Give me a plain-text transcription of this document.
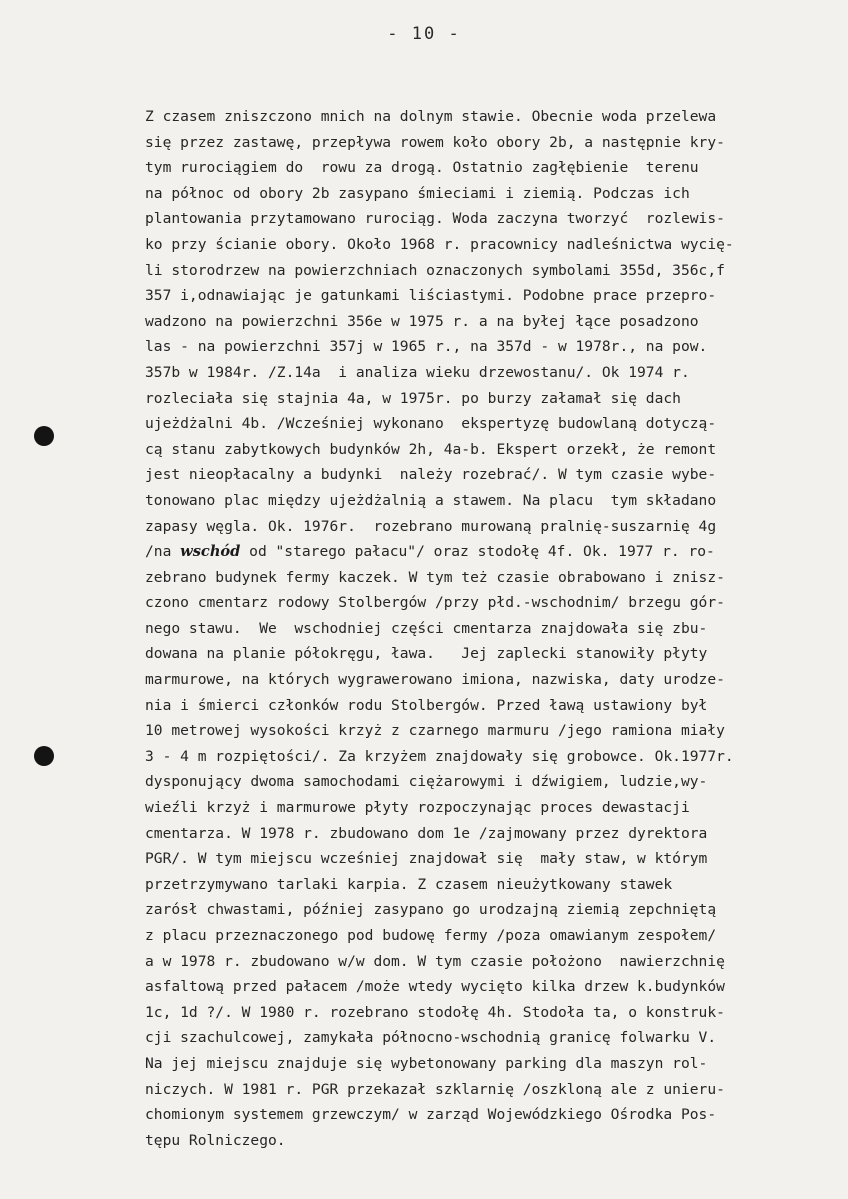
- 10 -
Z czasem zniszczono mnich na dolnym stawie. Obecnie woda przelewa
się przez zastawę, przepływa rowem koło obory 2b, a następnie kry-
tym rurociągiem do  rowu za drogą. Ostatnio zagłębienie  terenu
na północ od obory 2b zasypano śmieciami i ziemią. Podczas ich
plantowania przytamowano rurociąg. Woda zaczyna tworzyć  rozlewis-
ko przy ścianie obory. Około 1968 r. pracownicy nadleśnictwa wycię-
li storodrzew na powierzchniach oznaczonych symbolami 355d, 356c,f
357 i,odnawiając je gatunkami liściastymi. Podobne prace przepro-
wadzono na powierzchni 356e w 1975 r. a na byłej łące posadzono
las - na powierzchni 357j w 1965 r., na 357d - w 1978r., na pow.
357b w 1984r. /Z.14a  i analiza wieku drzewostanu/. Ok 1974 r.
rozleciała się stajnia 4a, w 1975r. po burzy załamał się dach
ujeżdżalni 4b. /Wcześniej wykonano  ekspertyzę budowlaną dotyczą-
cą stanu zabytkowych budynków 2h, 4a-b. Ekspert orzekł, że remont
jest nieopłacalny a budynki  należy rozebrać/. W tym czasie wybe-
tonowano plac między ujeżdżalnią a stawem. Na placu  tym składano
zapasy węgla. Ok. 1976r.  rozebrano murowaną pralnię-suszarnię 4g
/na wschód od "starego pałacu"/ oraz stodołę 4f. Ok. 1977 r. ro-
zebrano budynek fermy kaczek. W tym też czasie obrabowano i znisz-
czono cmentarz rodowy Stolbergów /przy płd.-wschodnim/ brzegu gór-
nego stawu.  We  wschodniej części cmentarza znajdowała się zbu-
dowana na planie półokręgu, ława.   Jej zaplecki stanowiły płyty
marmurowe, na których wygrawerowano imiona, nazwiska, daty urodze-
nia i śmierci członków rodu Stolbergów. Przed ławą ustawiony był
10 metrowej wysokości krzyż z czarnego marmuru /jego ramiona miały
3 - 4 m rozpiętości/. Za krzyżem znajdowały się grobowce. Ok.1977r.
dysponujący dwoma samochodami ciężarowymi i dźwigiem, ludzie,wy-
wieźli krzyż i marmurowe płyty rozpoczynając proces dewastacji
cmentarza. W 1978 r. zbudowano dom 1e /zajmowany przez dyrektora
PGR/. W tym miejscu wcześniej znajdował się  mały staw, w którym
przetrzymywano tarlaki karpia. Z czasem nieużytkowany stawek
zarósł chwastami, później zasypano go urodzajną ziemią zepchniętą
z placu przeznaczonego pod budowę fermy /poza omawianym zespołem/
a w 1978 r. zbudowano w/w dom. W tym czasie położono  nawierzchnię
asfaltową przed pałacem /może wtedy wycięto kilka drzew k.budynków
1c, 1d ?/. W 1980 r. rozebrano stodołę 4h. Stodoła ta, o konstruk-
cji szachulcowej, zamykała północno-wschodnią granicę folwarku V.
Na jej miejscu znajduje się wybetonowany parking dla maszyn rol-
niczych. W 1981 r. PGR przekazał szklarnię /oszkloną ale z unieru-
chomionym systemem grzewczym/ w zarząd Wojewódzkiego Ośrodka Pos-
tępu Rolniczego.
